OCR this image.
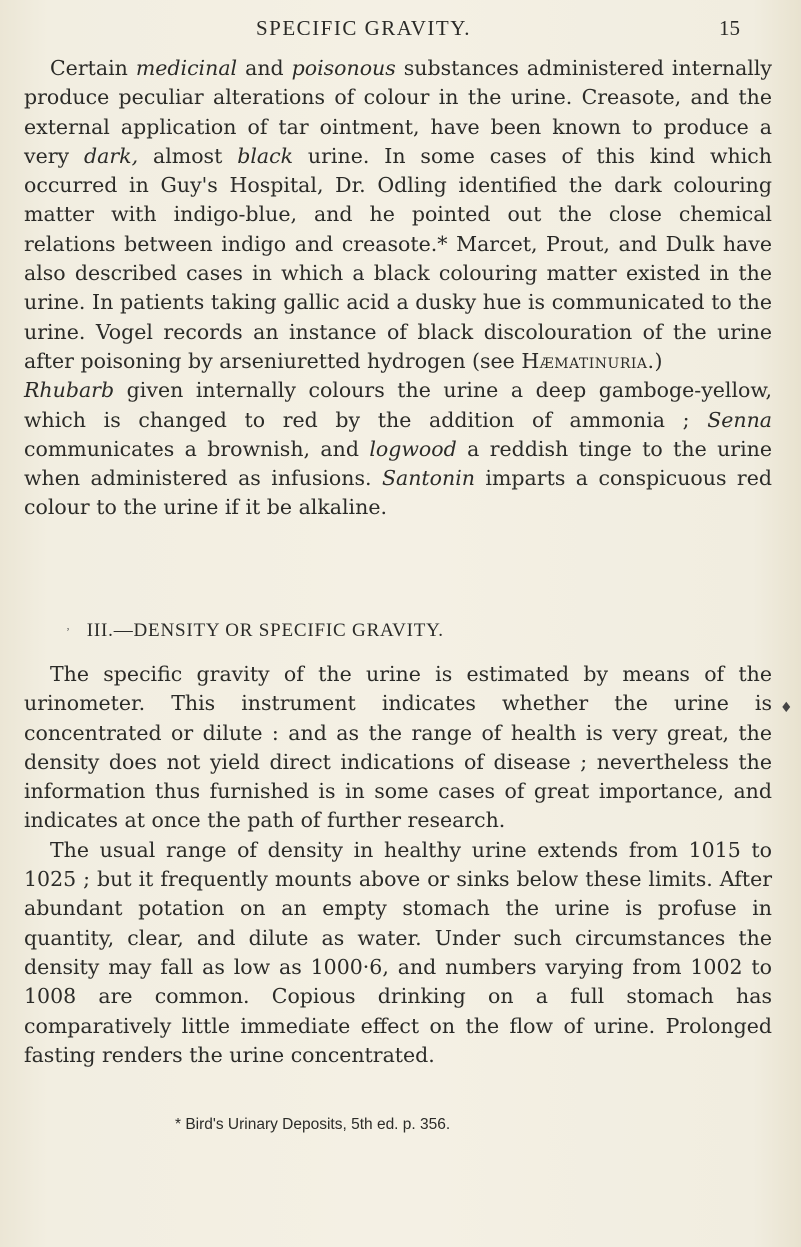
SPECIFIC GRAVITY.	15

Certain medicinal and poisonous substances administered internally produce peculiar alterations of colour in the urine. Creasote, and the external application of tar ointment, have been known to produce a very dark, almost black urine. In some cases of this kind which occurred in Guy's Hospital, Dr. Odling identified the dark colouring matter with indigo-blue, and he pointed out the close chemical relations between indigo and creasote.* Marcet, Prout, and Dulk have also described cases in which a black colouring matter existed in the urine. In patients taking gallic acid a dusky hue is communicated to the urine. Vogel records an instance of black discolouration of the urine after poisoning by arseniuretted hydrogen (see Hæmatinuria.)

Rhubarb given internally colours the urine a deep gamboge-yellow, which is changed to red by the addition of ammonia ; Senna communicates a brownish, and logwood a reddish tinge to the urine when administered as infusions. Santonin imparts a conspicuous red colour to the urine if it be alkaline.

ʼ III.—DENSITY OR SPECIFIC GRAVITY.

The specific gravity of the urine is estimated by means of the urinometer. This instrument indicates whether the urine is concentrated or dilute : and as the range of health is very great, the density does not yield direct indications of disease ; nevertheless the information thus furnished is in some cases of great importance, and indicates at once the path of further research.

The usual range of density in healthy urine extends from 1015 to 1025 ; but it frequently mounts above or sinks below these limits. After abundant potation on an empty stomach the urine is profuse in quantity, clear, and dilute as water. Under such circumstances the density may fall as low as 1000·6, and numbers varying from 1002 to 1008 are common. Copious drinking on a full stomach has comparatively little immediate effect on the flow of urine. Prolonged fasting renders the urine concentrated.

♦
* Bird's Urinary Deposits, 5th ed. p. 356.
